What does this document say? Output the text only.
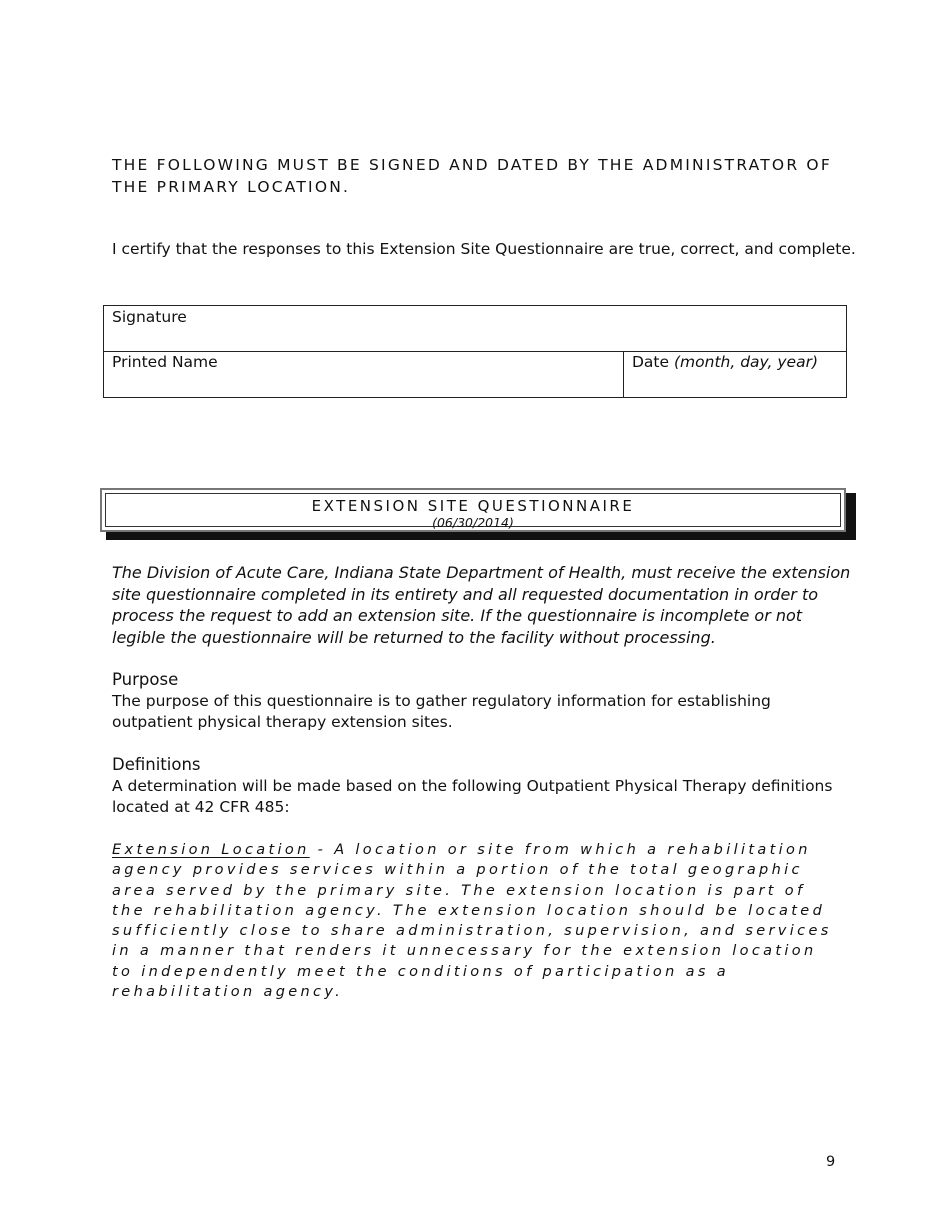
THE FOLLOWING MUST BE SIGNED AND DATED BY THE ADMINISTRATOR OF THE PRIMARY LOCATION.
I certify that the responses to this Extension Site Questionnaire are true, correct, and complete.
Signature
Printed Name	Date (month, day, year)
EXTENSION SITE QUESTIONNAIRE
(06/30/2014)
The Division of Acute Care, Indiana State Department of Health, must receive the extension site questionnaire completed in its entirety and all requested documentation in order to process the request to add an extension site. If the questionnaire is incomplete or not legible the questionnaire will be returned to the facility without processing.
Purpose
The purpose of this questionnaire is to gather regulatory information for establishing outpatient physical therapy extension sites.
Definitions
A determination will be made based on the following Outpatient Physical Therapy definitions located at 42 CFR 485:
Extension Location - A location or site from which a rehabilitation agency provides services within a portion of the total geographic area served by the primary site. The extension location is part of the rehabilitation agency. The extension location should be located sufficiently close to share administration, supervision, and services in a manner that renders it unnecessary for the extension location to independently meet the conditions of participation as a rehabilitation agency.
9
